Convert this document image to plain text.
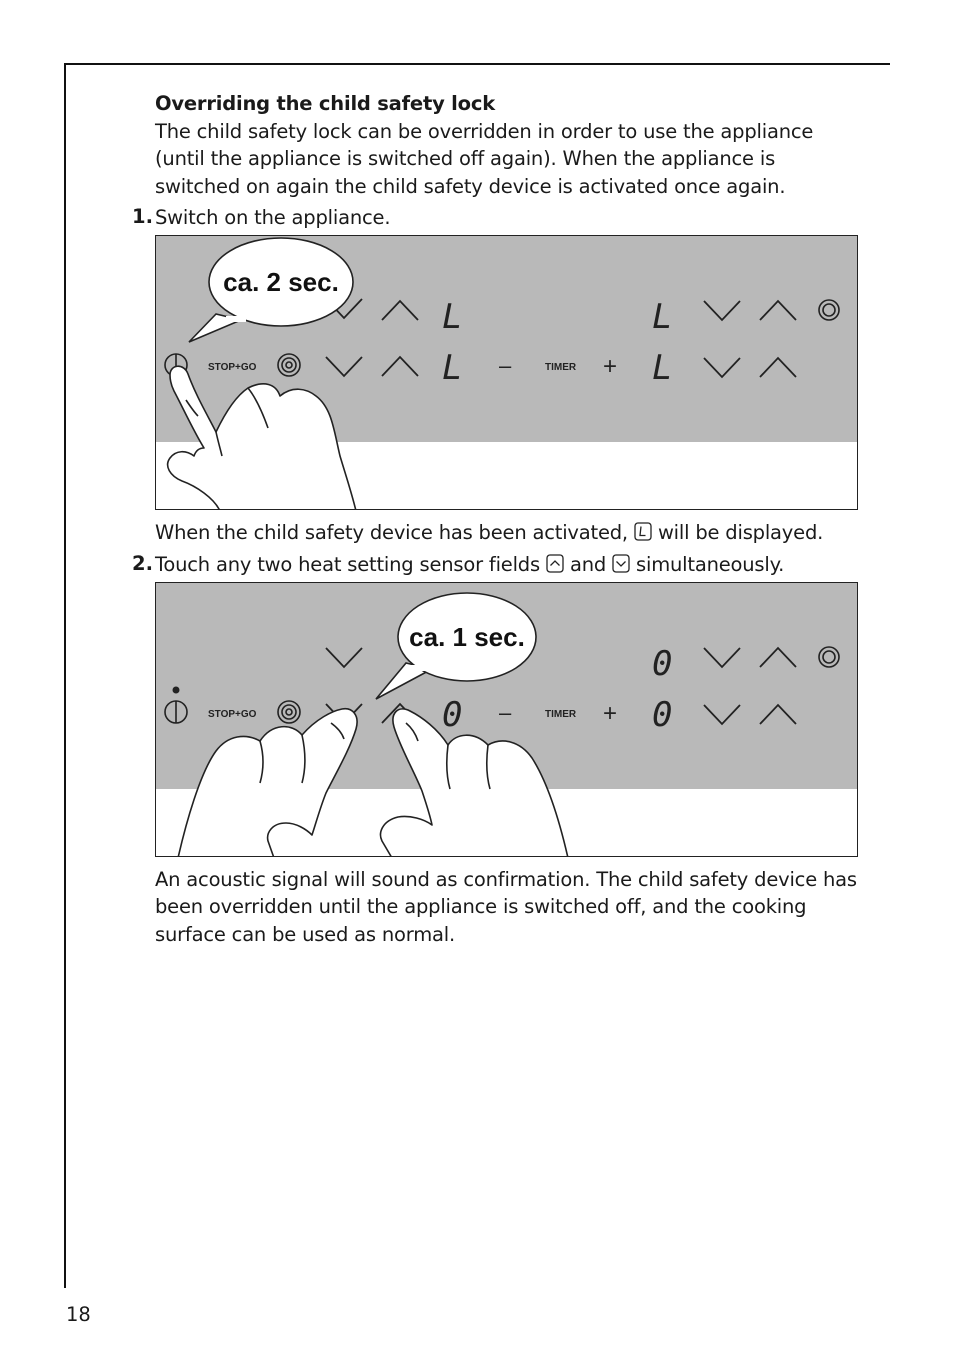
Overriding the child safety lock
The child safety lock can be overridden in order to use the appliance (until the appliance is switched off again). When the appliance is switched on again the child safety device is activated once again.
1. Switch on the appliance.
STOP+GO
L
L –	TIMER +
L
L
ca. 2 sec.
When the child safety device has been activated, will be displayed.
2. Touch any two heat setting sensor fields and simultaneously.
STOP+GO	0 –	TIMER +
0
0
ca. 1 sec.
An acoustic signal will sound as confirmation. The child safety device has been overridden until the appliance is switched off, and the cooking surface can be used as normal.
18
